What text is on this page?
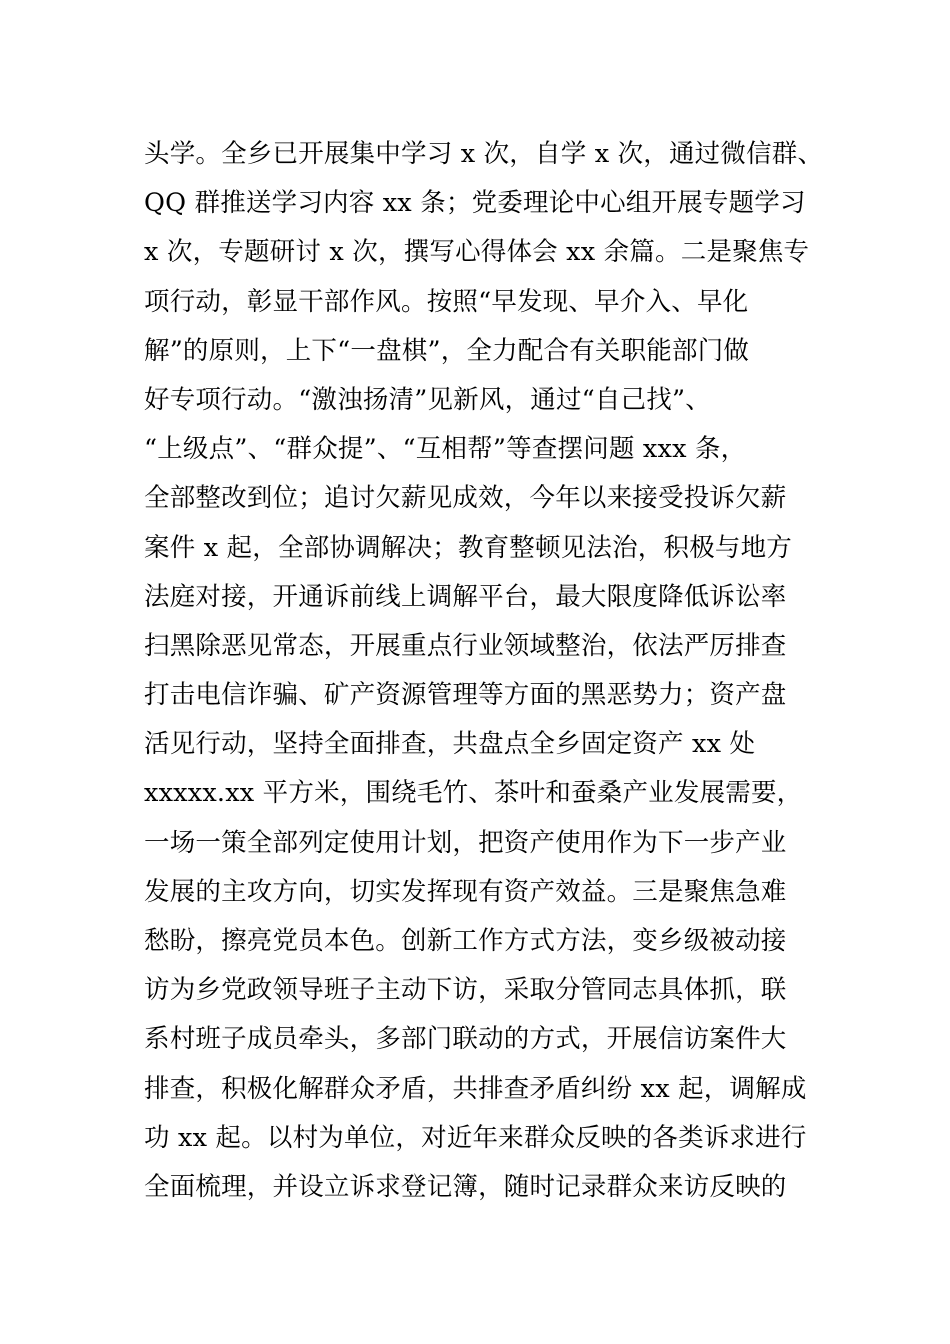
头学。全乡已开展集中学习 x 次，自学 x 次，通过微信群、
QQ 群推送学习内容 xx 条；党委理论中心组开展专题学习
x 次，专题研讨 x 次，撰写心得体会 xx 余篇。二是聚焦专
项行动，彰显干部作风。按照“早发现、早介入、早化
解”的原则，上下“一盘棋”，全力配合有关职能部门做
好专项行动。“激浊扬清”见新风，通过“自己找”、
“上级点”、“群众提”、“互相帮”等查摆问题 xxx 条，
全部整改到位；追讨欠薪见成效，今年以来接受投诉欠薪
案件 x 起，全部协调解决；教育整顿见法治，积极与地方
法庭对接，开通诉前线上调解平台，最大限度降低诉讼率
扫黑除恶见常态，开展重点行业领域整治，依法严厉排查
打击电信诈骗、矿产资源管理等方面的黑恶势力；资产盘
活见行动，坚持全面排查，共盘点全乡固定资产 xx 处
xxxxx.xx 平方米，围绕毛竹、茶叶和蚕桑产业发展需要，
一场一策全部列定使用计划，把资产使用作为下一步产业
发展的主攻方向，切实发挥现有资产效益。三是聚焦急难
愁盼，擦亮党员本色。创新工作方式方法，变乡级被动接
访为乡党政领导班子主动下访，采取分管同志具体抓，联
系村班子成员牵头，多部门联动的方式，开展信访案件大
排查，积极化解群众矛盾，共排查矛盾纠纷 xx 起，调解成
功 xx 起。以村为单位，对近年来群众反映的各类诉求进行
全面梳理，并设立诉求登记簿，随时记录群众来访反映的
